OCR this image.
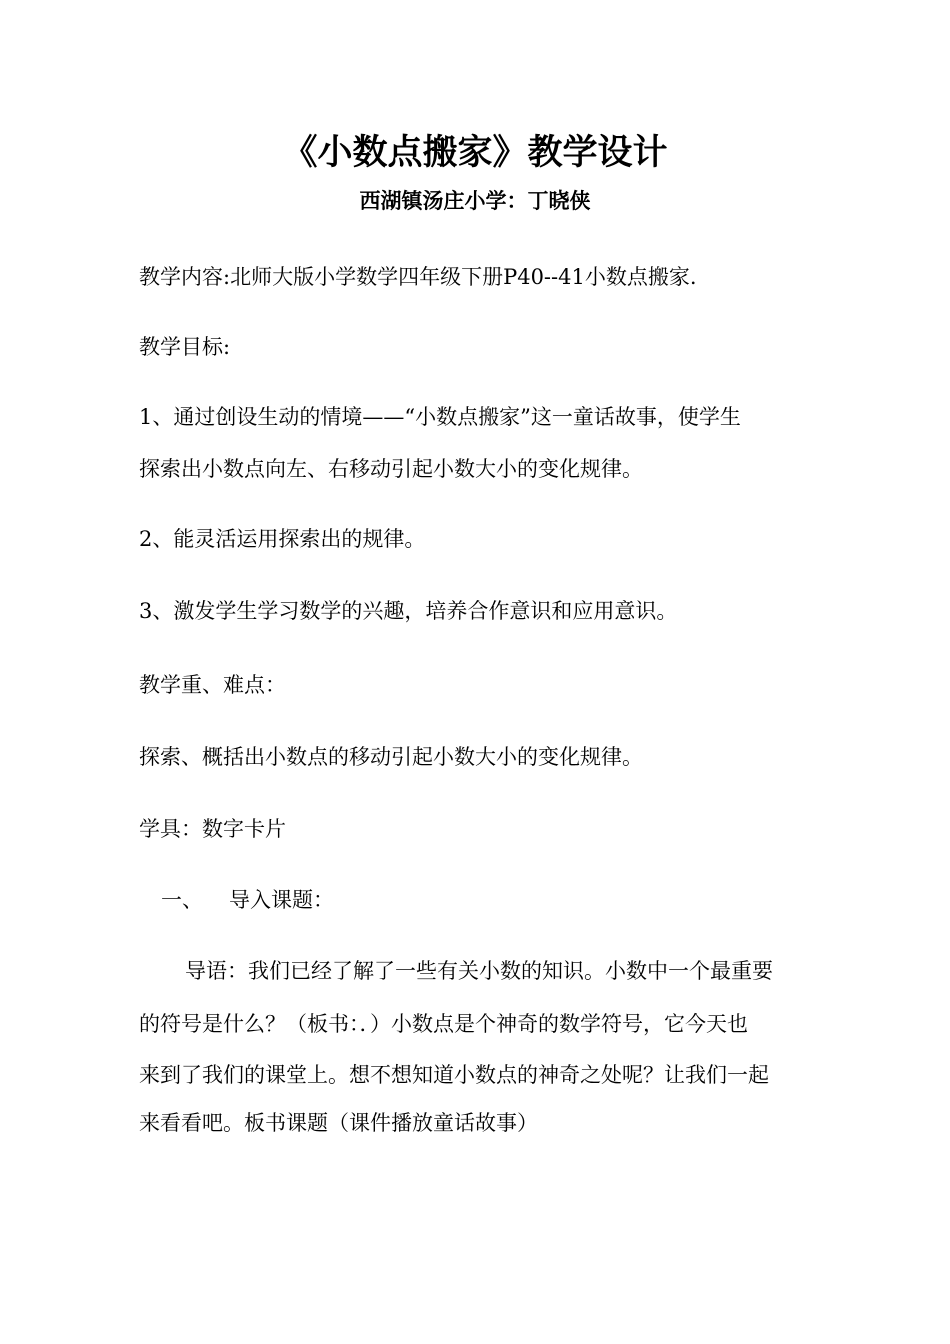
《小数点搬家》教学设计
西湖镇汤庄小学：丁晓侠
教学内容:北师大版小学数学四年级下册P40--41小数点搬家.
教学目标:
1、通过创设生动的情境——“小数点搬家”这一童话故事，使学生
探索出小数点向左、右移动引起小数大小的变化规律。
2、能灵活运用探索出的规律。
3、激发学生学习数学的兴趣，培养合作意识和应用意识。
教学重、难点：
探索、概括出小数点的移动引起小数大小的变化规律。
学具：数字卡片
一、 导入课题：
导语：我们已经了解了一些有关小数的知识。小数中一个最重要
的符号是什么？（板书：．）小数点是个神奇的数学符号，它今天也
来到了我们的课堂上。想不想知道小数点的神奇之处呢？让我们一起
来看看吧。板书课题（课件播放童话故事）
